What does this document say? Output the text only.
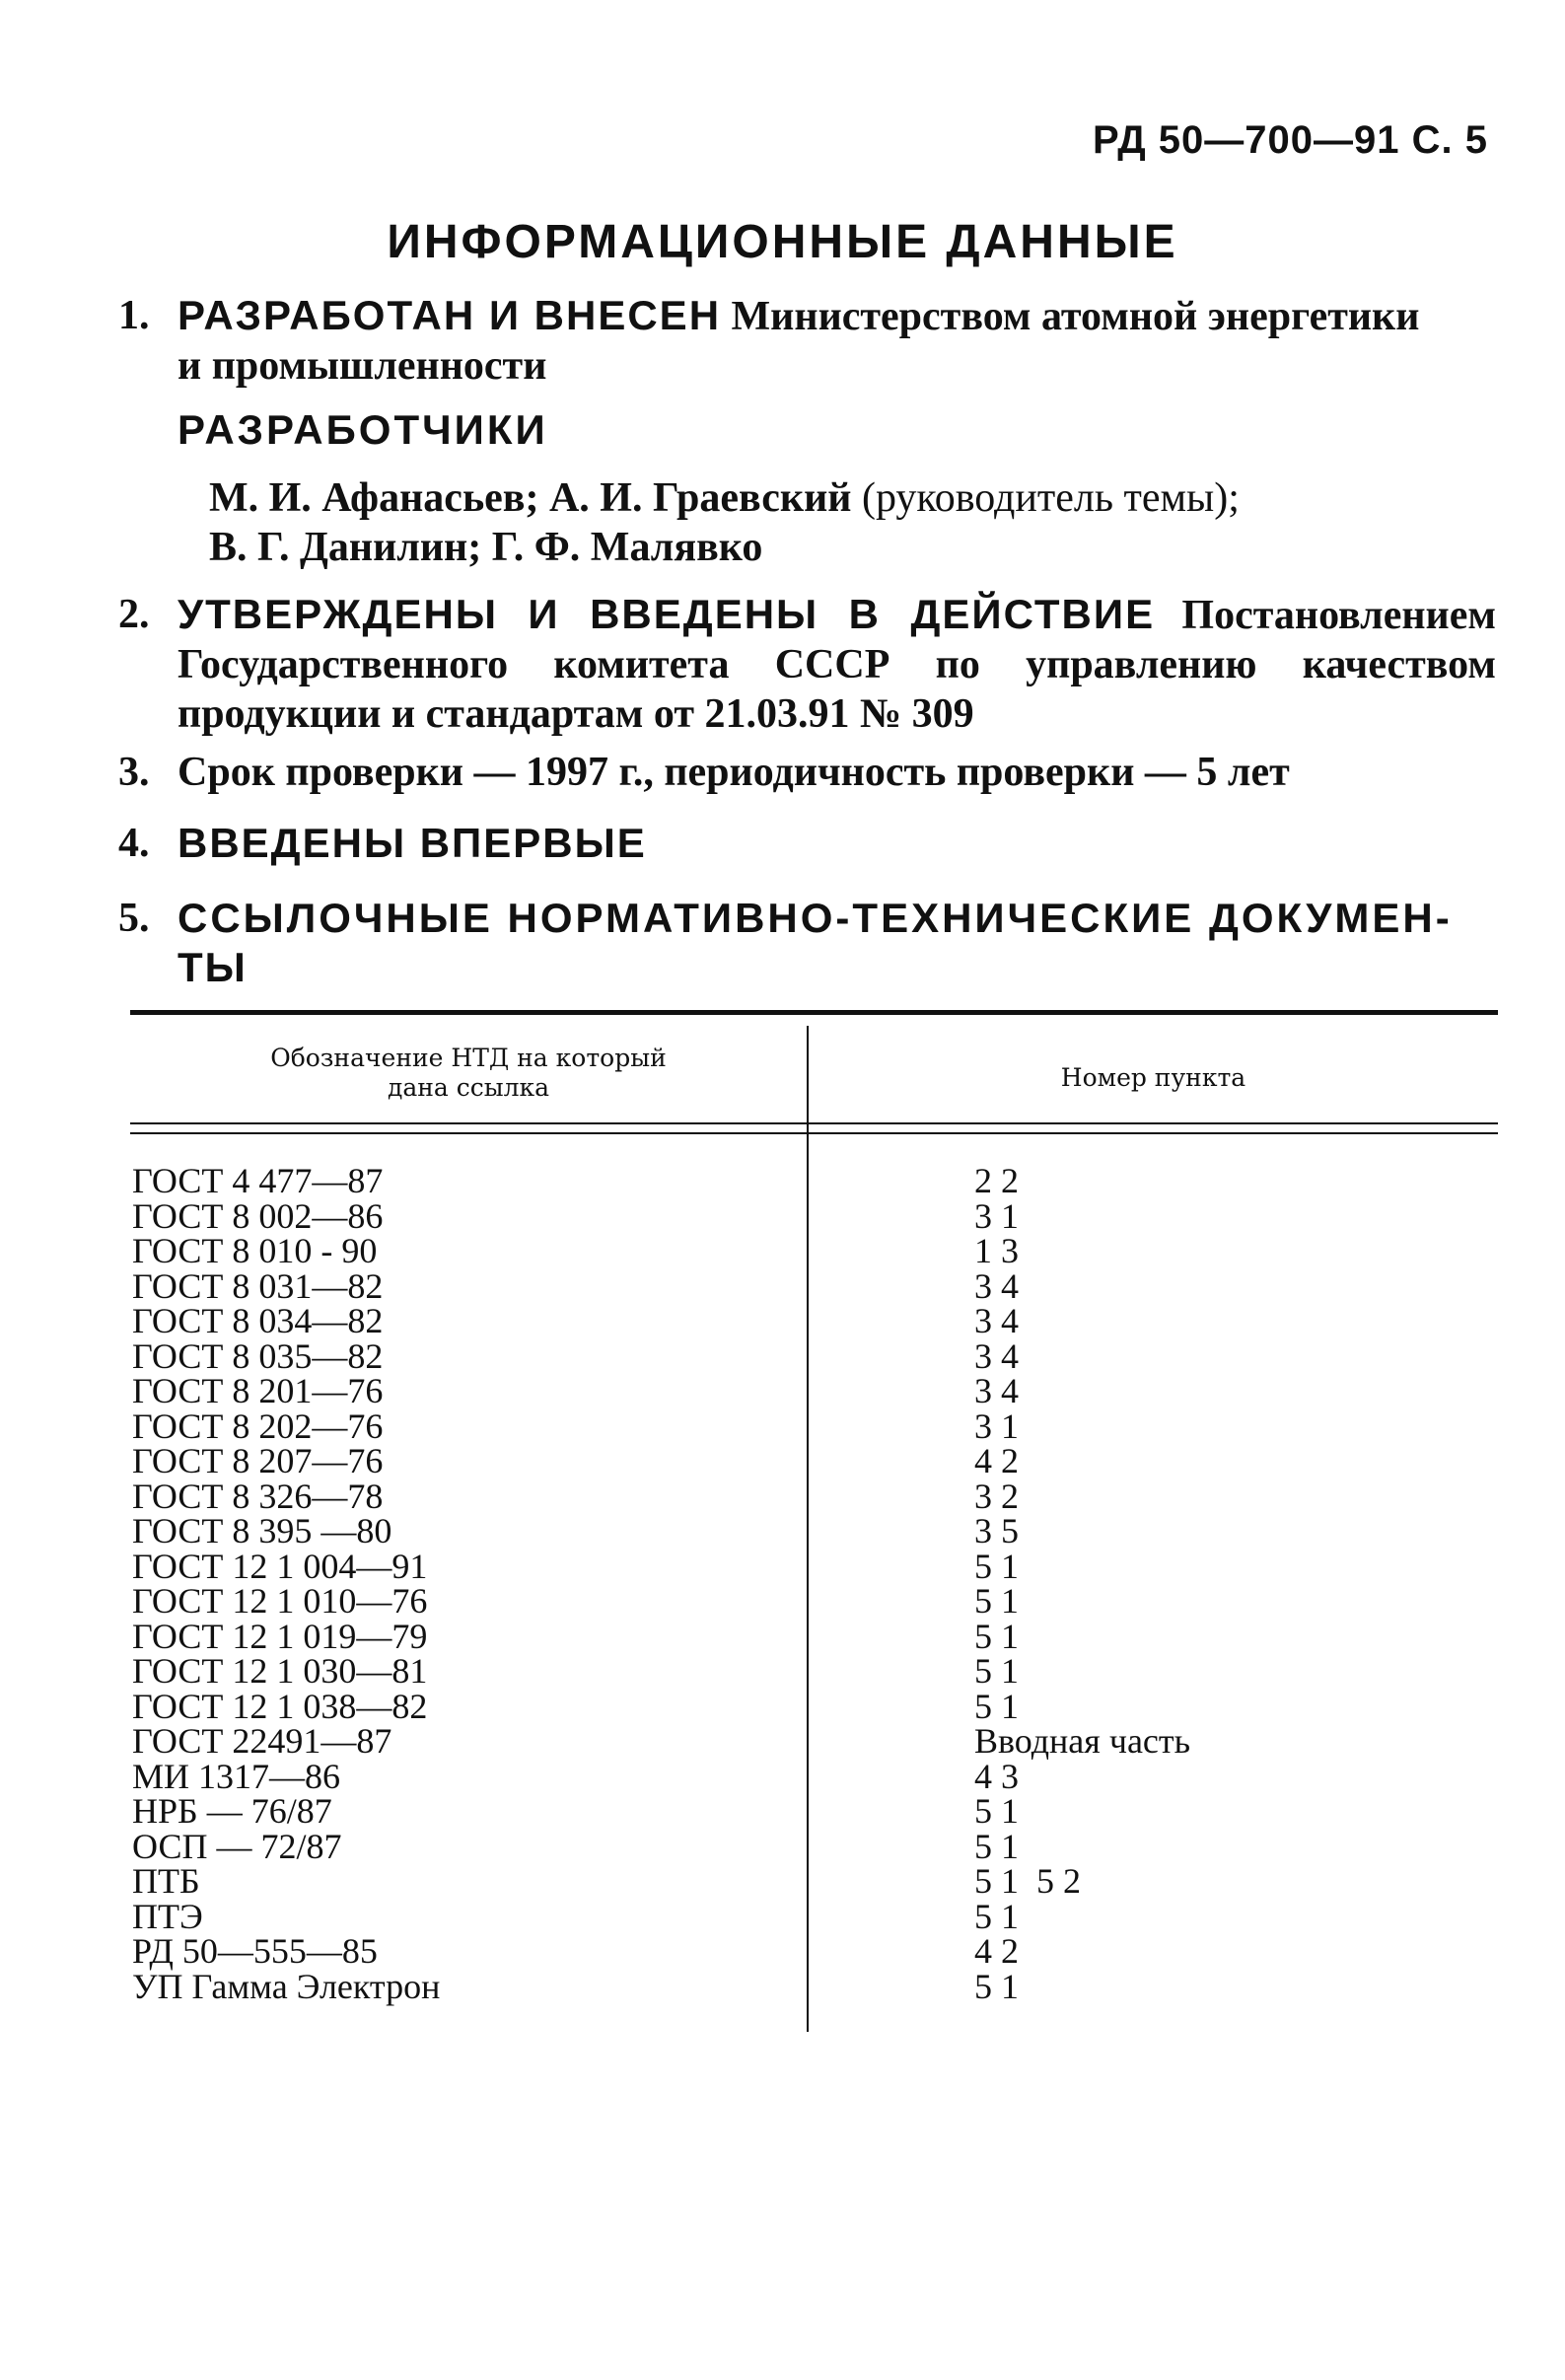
РД 50—700—91 С. 5
ИНФОРМАЦИОННЫЕ ДАННЫЕ
1. РАЗРАБОТАН И ВНЕСЕН Министерством атомной энергетики
и промышленности
РАЗРАБОТЧИКИ
М. И. Афанасьев; А. И. Граевский (руководитель темы);
В. Г. Данилин; Г. Ф. Малявко
2. УТВЕРЖДЕНЫ И ВВЕДЕНЫ В ДЕЙСТВИЕ Постановлением Государственного комитета СССР по управлению качеством продукции и стандартам от 21.03.91 № 309
3. Срок проверки — 1997 г., периодичность проверки — 5 лет
4. ВВЕДЕНЫ ВПЕРВЫЕ
5. ССЫЛОЧНЫЕ НОРМАТИВНО-ТЕХНИЧЕСКИЕ ДОКУМЕН-
ТЫ
Обозначение НТД на который
дана ссылка	Номер пункта
ГОСТ 4 477—87
ГОСТ 8 002—86
ГОСТ 8 010 - 90
ГОСТ 8 031—82
ГОСТ 8 034—82
ГОСТ 8 035—82
ГОСТ 8 201—76
ГОСТ 8 202—76
ГОСТ 8 207—76
ГОСТ 8 326—78
ГОСТ 8 395 —80
ГОСТ 12 1 004—91
ГОСТ 12 1 010—76
ГОСТ 12 1 019—79
ГОСТ 12 1 030—81
ГОСТ 12 1 038—82
ГОСТ 22491—87
МИ 1317—86
НРБ — 76/87
ОСП — 72/87
ПТБ
ПТЭ
РД 50—555—85
УП Гамма Электрон
2 2
3 1
1 3
3 4
3 4
3 4
3 4
3 1
4 2
3 2
3 5
5 1
5 1
5 1
5 1
5 1
Вводная часть
4 3
5 1
5 1
5 1  5 2
5 1
4 2
5 1
